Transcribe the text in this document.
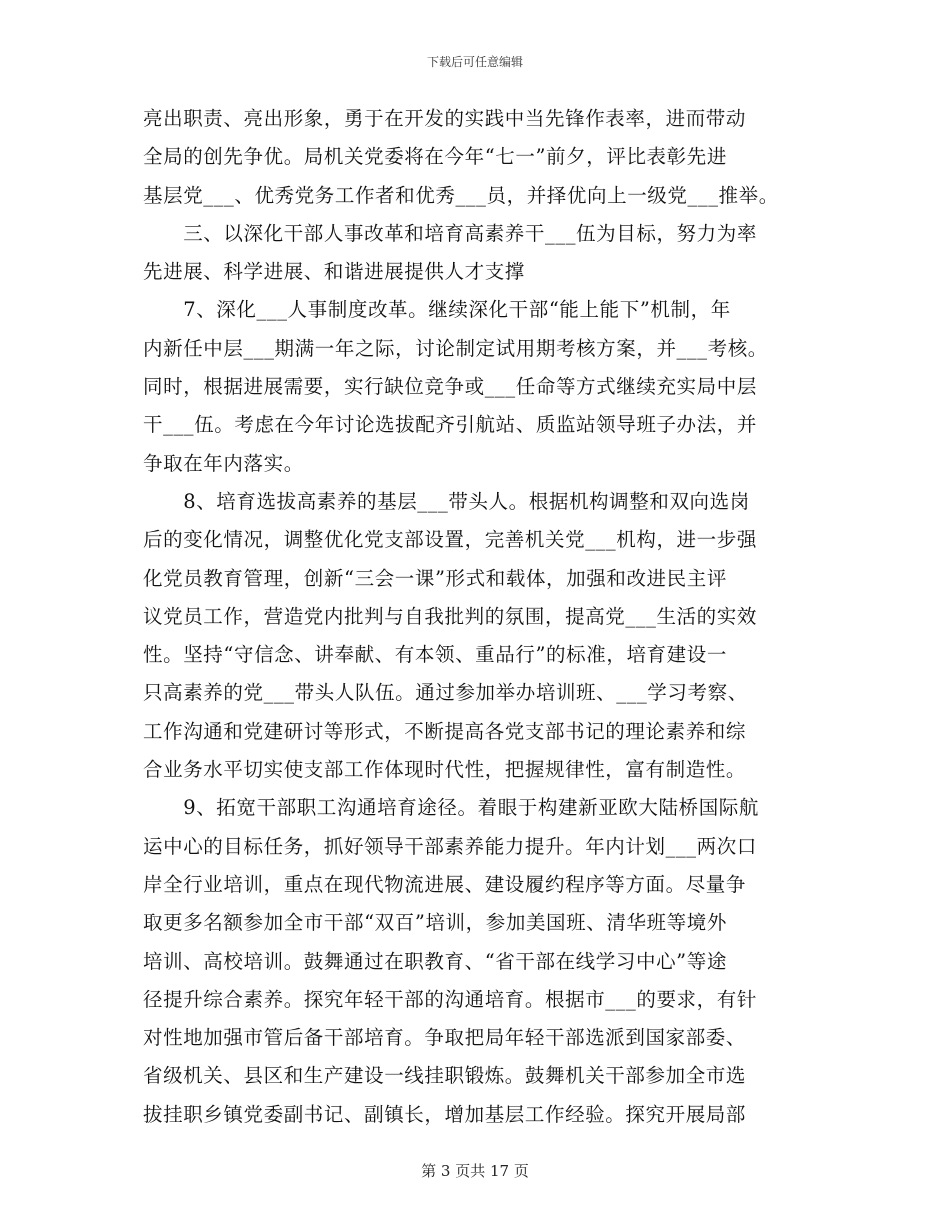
下载后可任意编辑
亮出职责、亮出形象，勇于在开发的实践中当先锋作表率，进而带动
全局的创先争优。局机关党委将在今年“七一”前夕，评比表彰先进
基层党___、优秀党务工作者和优秀___员，并择优向上一级党___推举。
　　三、以深化干部人事改革和培育高素养干___伍为目标，努力为率
先进展、科学进展、和谐进展提供人才支撑
　　7、深化___人事制度改革。继续深化干部“能上能下”机制，年
内新任中层___期满一年之际，讨论制定试用期考核方案，并___考核。
同时，根据进展需要，实行缺位竞争或___任命等方式继续充实局中层
干___伍。考虑在今年讨论选拔配齐引航站、质监站领导班子办法，并
争取在年内落实。
　　8、培育选拔高素养的基层___带头人。根据机构调整和双向选岗
后的变化情况，调整优化党支部设置，完善机关党___机构，进一步强
化党员教育管理，创新“三会一课”形式和载体，加强和改进民主评
议党员工作，营造党内批判与自我批判的氛围，提高党___生活的实效
性。坚持“守信念、讲奉献、有本领、重品行”的标准，培育建设一
只高素养的党___带头人队伍。通过参加举办培训班、___学习考察、
工作沟通和党建研讨等形式，不断提高各党支部书记的理论素养和综
合业务水平切实使支部工作体现时代性，把握规律性，富有制造性。
　　9、拓宽干部职工沟通培育途径。着眼于构建新亚欧大陆桥国际航
运中心的目标任务，抓好领导干部素养能力提升。年内计划___两次口
岸全行业培训，重点在现代物流进展、建设履约程序等方面。尽量争
取更多名额参加全市干部“双百”培训，参加美国班、清华班等境外
培训、高校培训。鼓舞通过在职教育、“省干部在线学习中心”等途
径提升综合素养。探究年轻干部的沟通培育。根据市___的要求，有针
对性地加强市管后备干部培育。争取把局年轻干部选派到国家部委、
省级机关、县区和生产建设一线挂职锻炼。鼓舞机关干部参加全市选
拔挂职乡镇党委副书记、副镇长，增加基层工作经验。探究开展局部
第 3 页共 17 页
